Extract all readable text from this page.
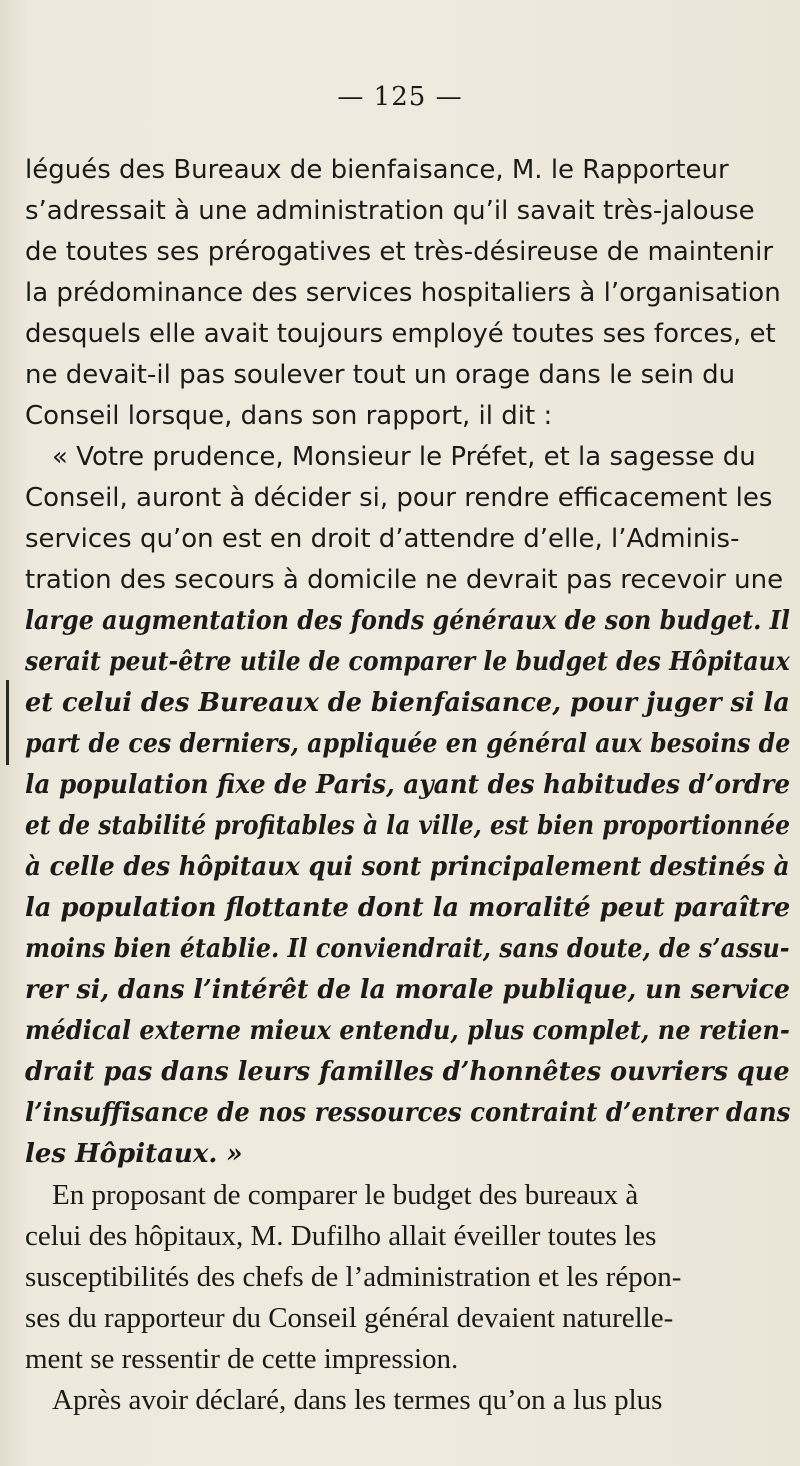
— 125 —

légués des Bureaux de bienfaisance, M. le Rapporteur

s’adressait à une administration qu’il savait très-jalouse

de toutes ses prérogatives et très-désireuse de maintenir

la prédominance des services hospitaliers à l’organisation

desquels elle avait toujours employé toutes ses forces, et

ne devait-il pas soulever tout un orage dans le sein du

Conseil lorsque, dans son rapport, il dit :

« Votre prudence, Monsieur le Préfet, et la sagesse du

Conseil, auront à décider si, pour rendre efficacement les

services qu’on est en droit d’attendre d’elle, l’Adminis-

tration des secours à domicile ne devrait pas recevoir une

large augmentation des fonds généraux de son budget. Il

serait peut-être utile de comparer le budget des Hôpitaux

et celui des Bureaux de bienfaisance, pour juger si la

part de ces derniers, appliquée en général aux besoins de

la population fixe de Paris, ayant des habitudes d’ordre

et de stabilité profitables à la ville, est bien proportionnée

à celle des hôpitaux qui sont principalement destinés à

la population flottante dont la moralité peut paraître

moins bien établie. Il conviendrait, sans doute, de s’assu-

rer si, dans l’intérêt de la morale publique, un service

médical externe mieux entendu, plus complet, ne retien-

drait pas dans leurs familles d’honnêtes ouvriers que

l’insuffisance de nos ressources contraint d’entrer dans

les Hôpitaux. »

En proposant de comparer le budget des bureaux à

celui des hôpitaux, M. Dufilho allait éveiller toutes les

susceptibilités des chefs de l’administration et les répon-

ses du rapporteur du Conseil général devaient naturelle-

ment se ressentir de cette impression.

Après avoir déclaré, dans les termes qu’on a lus plus
